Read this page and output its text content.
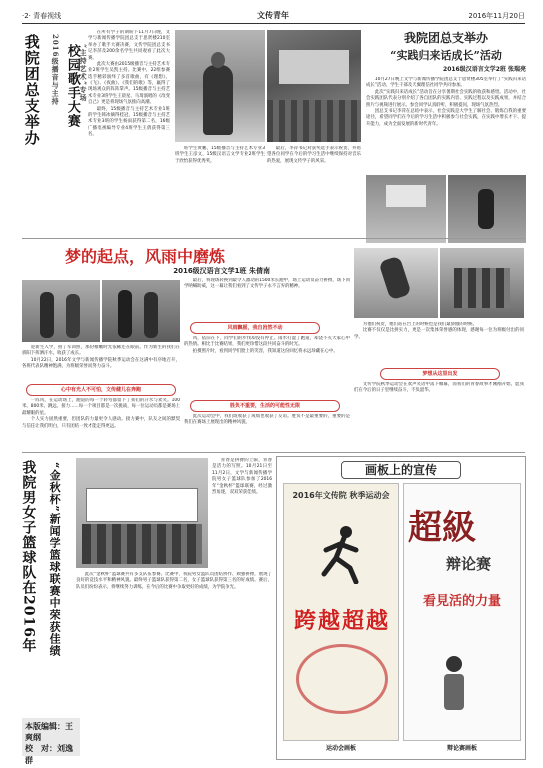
·2· 青春视线	文传青年	2016年11月20日
我院团总支举办 2016级播音与主持 校园歌手大赛 “主持艺术”专场

在所有学子的期盼下11月7日晚，文学与新闻传播学院团总支于思贤楼210室举办了歌手大赛决赛，文传学院团总支书记李萍及200余名学生共同观看了此次大赛。

此次大赛由2015级播音与主持艺术专业2班学生吴凯主持。比赛中，22组参赛选手精彩演绎了多首歌曲，有《理想》、《飞》、《夜曲》、《我们的歌》等，赢得了现场观众的阵阵掌声。15级播音与主持艺术专业3班学生王晨星、马琦演唱的《改变自己》更是将现场气氛推向高潮。

最终，15级播音与主持艺术专业1班的学生韩冰摘得桂冠，15级播音与主持艺术专业3班的学生杨雨获得第二名，16级广播电视编导专业4班学生王倩获得第三名。

班学生黄鹏，15级播音与主持艺术专业3班学生王彦文、15级汉语言文学专业2班学生于欣怡获得优秀奖。

最后，李萍书记对获奖选手表示祝贺，并希望各位同学在今后的学习生活中继续保持对音乐的热爱，展现文传学子的风采。

我院团总支举办
“实践归来话成长”活动
2016级汉语言文学2班 张瑞亮

10月27日晚上文学与新闻传播学院团总支于思贤楼305室举行了“实践归来话成长”活动，学生干部及天翼理信社同学共同参加。

此次“实践归来话成长”活动旨在分享暑期社会实践的收获和感悟。活动中，社会实践团队代表分别介绍了各自团队的实践内容、实践过程以及实践成果，并结合照片与视频进行展示。参会同学认真聆听，积极提问，现场气氛热烈。

团总支书记李萍在总结中表示，社会实践是大学生了解社会、锻炼自我的重要途径，希望同学们在今后的学习生活中积极参与社会实践，在实践中增长才干、提升能力，成为全面发展的新时代青年。

梦的起点，风雨中磨炼
2016级汉语言文学1班 朱倩南

迎新生入学，拍了军训照，那份稚嫩时光依稀还在眼前。作为新生的我们在骄阳下挥洒汗水，收获了成长。

10月22日，2016年文学与新闻传播学院秋季运动会在这满中有序地召开，各班代表队精神饱满，为班级荣誉而努力奋斗。

心中有光人不可怕，文传健儿在奔跑

一阵风，在运动场上，跑道的每一个转弯都留下了我们的汗水与欢笑。100米、800米、跳远、接力……每一个项目都是一次挑战，每一位运动员都是赛场上最耀眼的星。

个人实力固然重要，但团队的力量更令人感动。接力赛中，队友之间的默契与信任让我们明白，只有团结一致才能走得更远。

最后，将现场转换到最令人激动的1500米长跑中，场上运动员奋力拼搏，场下同学呐喊助威，这一幕让我们看到了文传学子永不言弃的精神。

风雨飘摇，我自岿然不动

风，依旧在下，同学们的步伐却没有停止。雨水打湿了跑道，却浇不灭大家心中的热情。相比于比赛结果，我们更珍惜这段共同奋斗的时光。

拍摄照片时，看到同学们脸上的笑容，我知道这份回忆将永远珍藏在心中。

胜负不重要，生活的可能性无限

此次运动会中，我们既收获了成绩也收获了友谊。胜负不是最重要的，重要的是我们在赛场上展现出的精神风貌。

为他们祝贺，他们站在台上的时候也是我们最骄傲的时候。

比赛不仅仅是比拼实力，更是一次集体荣誉感的体现，感谢每一位为班级付出的同学。

梦想从这里出发

文传学院秋季运动会在欢声笑语中落下帷幕，而我们的青春故事才刚刚开始。愿我们在今后的日子里继续奋斗，不负韶华。

我院男女子篮球队在2016年 “金秋杯”新闻学篮球联赛中荣获佳绩

青春是拼搏的上限，青春是活力的写照。10月21日至11月2日，文学与新闻传播学院男女子篮球队参加了2016年“金秋杯”篮球联赛，经过激烈角逐，双双荣获佳绩。

此次“金秋杯”篮球赛共有多支队伍参赛。比赛中，我院男女篮队员团结协作、顽强拼搏，展现了良好的竞技水平和精神风貌。最终男子篮球队获得第二名，女子篮球队获得第三名的好成绩。赛后，队员们纷纷表示，将继续努力训练，在今后的比赛中争取更好的成绩，为学院争光。

本版编辑：王爽纲
校　对：刘逸群
画板上的宣传
2016年文传院 秋季运动会
跨越超越
超級
辩论赛
看見活的力量
运动会画板	辩论赛画板
